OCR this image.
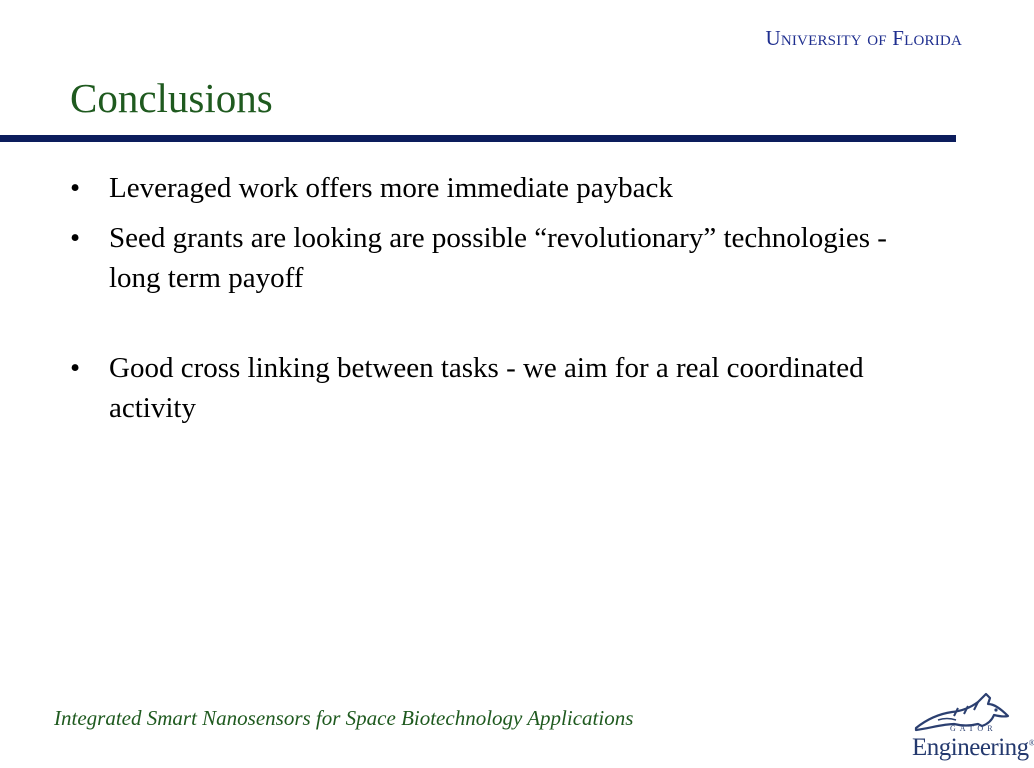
University of Florida
Conclusions
• Leveraged work offers more immediate payback
• Seed grants are looking are possible “revolutionary” technologies - long term payoff
• Good cross linking between tasks - we aim for a real coordinated activity
Integrated Smart Nanosensors for Space Biotechnology Applications	GATOR
Engineering®
